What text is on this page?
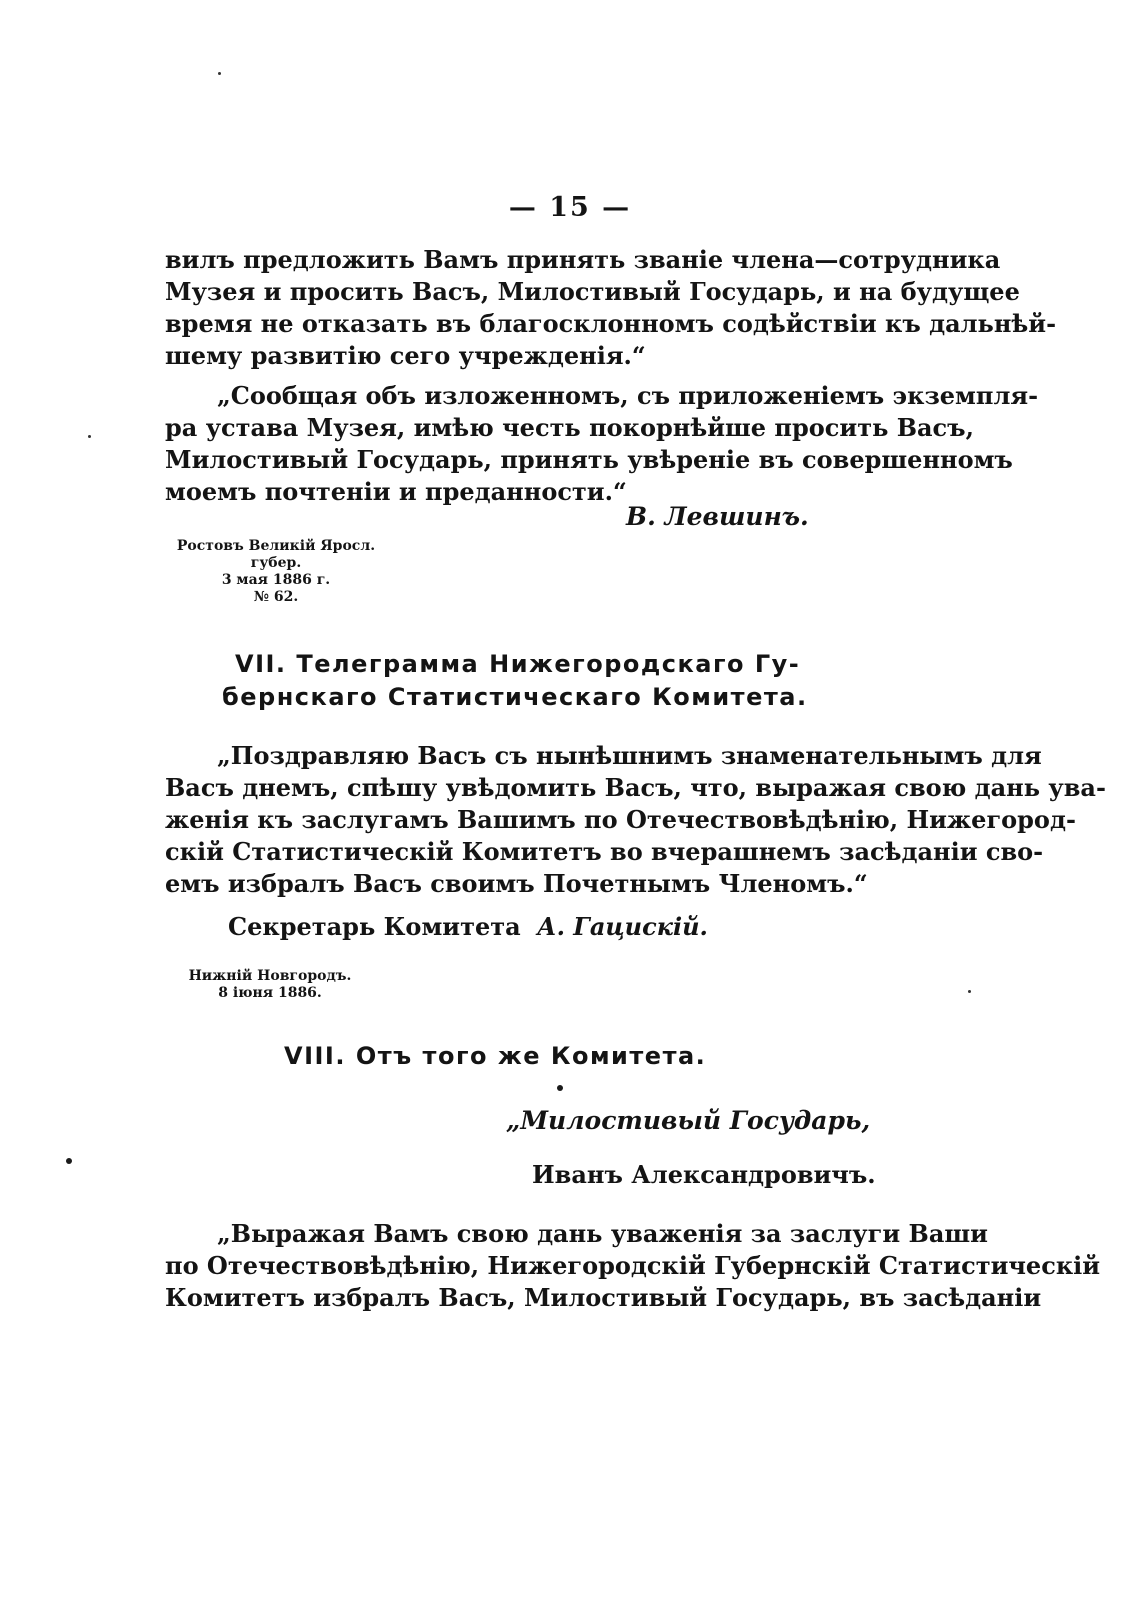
— 15 —
вилъ предложить Вамъ принять званіе члена—сотрудника
Музея и просить Васъ, Милостивый Государь, и на будущее
время не отказать въ благосклонномъ содѣйствіи къ дальнѣй-
шему развитію сего учрежденія.“
„Сообщая объ изложенномъ, съ приложеніемъ экземпля-
ра устава Музея, имѣю честь покорнѣйше просить Васъ,
Милостивый Государь, принять увѣреніе въ совершенномъ
моемъ почтеніи и преданности.“
В. Левшинъ.
Ростовъ Великій Яросл.
губер.
3 мая 1886 г.
№ 62.
VII. Телеграмма Нижегородскаго Гу-
бернскаго Статистическаго Комитета.
„Поздравляю Васъ съ нынѣшнимъ знаменательнымъ для
Васъ днемъ, спѣшу увѣдомить Васъ, что, выражая свою дань ува-
женія къ заслугамъ Вашимъ по Отечествовѣдѣнію, Нижегород-
скій Статистическій Комитетъ во вчерашнемъ засѣданіи сво-
емъ избралъ Васъ своимъ Почетнымъ Членомъ.“
Секретарь Комитета А. Гацискій.
Нижній Новгородъ.
8 іюня 1886.
VIII. Отъ того же Комитета.
„Милостивый Государь,
Иванъ Александровичъ.
„Выражая Вамъ свою дань уваженія за заслуги Ваши
по Отечествовѣдѣнію, Нижегородскій Губернскій Статистическій
Комитетъ избралъ Васъ, Милостивый Государь, въ засѣданіи
